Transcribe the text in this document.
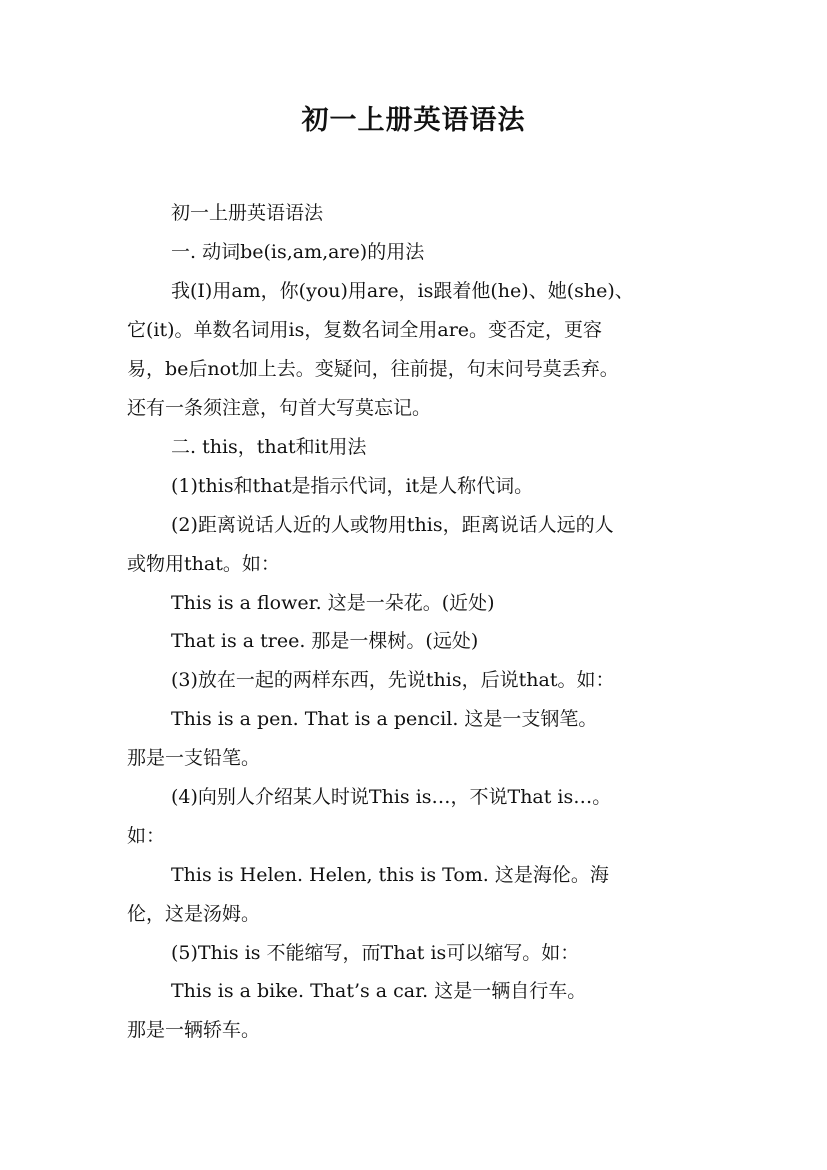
初一上册英语语法

初一上册英语语法

一. 动词be(is,am,are)的用法

我(I)用am，你(you)用are，is跟着他(he)、她(she)、

它(it)。单数名词用is，复数名词全用are。变否定，更容

易，be后not加上去。变疑问，往前提，句末问号莫丢弃。

还有一条须注意，句首大写莫忘记。

二. this，that和it用法

(1)this和that是指示代词，it是人称代词。

(2)距离说话人近的人或物用this，距离说话人远的人

或物用that。如：

This is a flower. 这是一朵花。(近处)

That is a tree. 那是一棵树。(远处)

(3)放在一起的两样东西，先说this，后说that。如：

This is a pen. That is a pencil. 这是一支钢笔。

那是一支铅笔。

(4)向别人介绍某人时说This is…，不说That is…。

如：

This is Helen. Helen, this is Tom. 这是海伦。海

伦，这是汤姆。

(5)This is 不能缩写，而That is可以缩写。如：

This is a bike. That’s a car. 这是一辆自行车。

那是一辆轿车。
